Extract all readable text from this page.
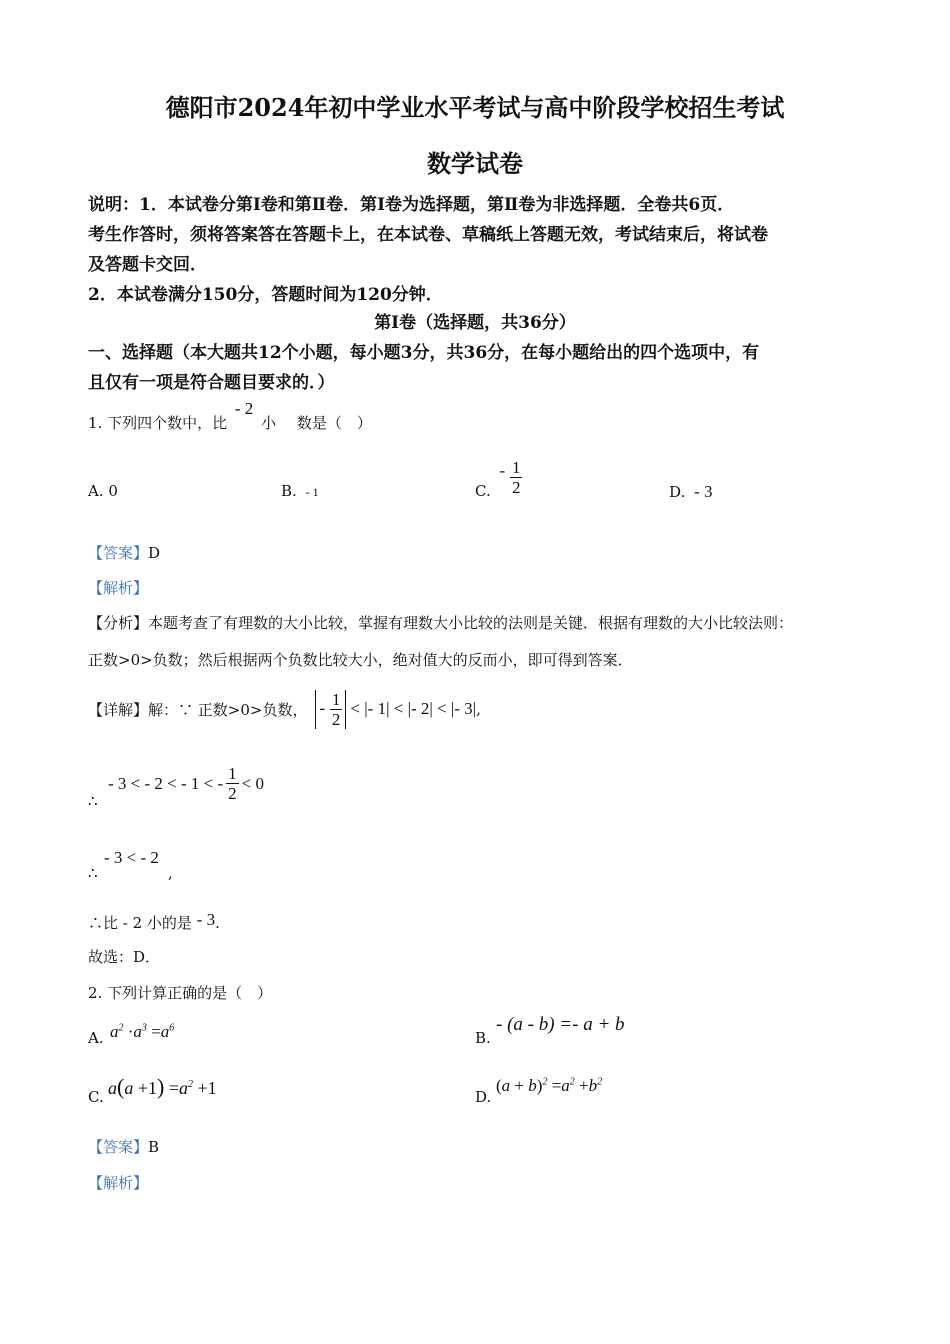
德阳市2024年初中学业水平考试与高中阶段学校招生考试
数学试卷
说明：1．本试卷分第Ⅰ卷和第Ⅱ卷．第Ⅰ卷为选择题，第Ⅱ卷为非选择题．全卷共6页．
考生作答时，须将答案答在答题卡上，在本试卷、草稿纸上答题无效，考试结束后，将试卷
及答题卡交回．
2．本试卷满分150分，答题时间为120分钟．
第Ⅰ卷（选择题，共36分）
一、选择题（本大题共12个小题，每小题3分，共36分，在每小题给出的四个选项中，有
且仅有一项是符合题目要求的．）
1. 下列四个数中，比 - 2 小 数是（　）
A. 0	B. - 1	C. - $\frac{1}{2}$	D. - 3
【答案】D
【解析】
【分析】本题考查了有理数的大小比较，掌握有理数大小比较的法则是关键．根据有理数的大小比较法则：
正数>0>负数；然后根据两个负数比较大小，绝对值大的反而小，即可得到答案．
【详解】 解：∵ 正数>0>负数， - $\frac{1}{2}$ < |- 1| < |- 2| < |- 3| ,
∴
- 3 < - 2 < - 1 < - $\frac{1}{2} < 0$
∴
- 3 < - 2
,
∴比 - 2 小的是 - 3.
故选：D．
2. 下列计算正确的是（　）
A. $a^2 \cdot a^3 =a^6$
B.
- (a - b) =- a + b
C. $a(a +1) =a^2 +1$	D.
$(a + b)^2 =a^2 +b^2$
【答案】B
【解析】
